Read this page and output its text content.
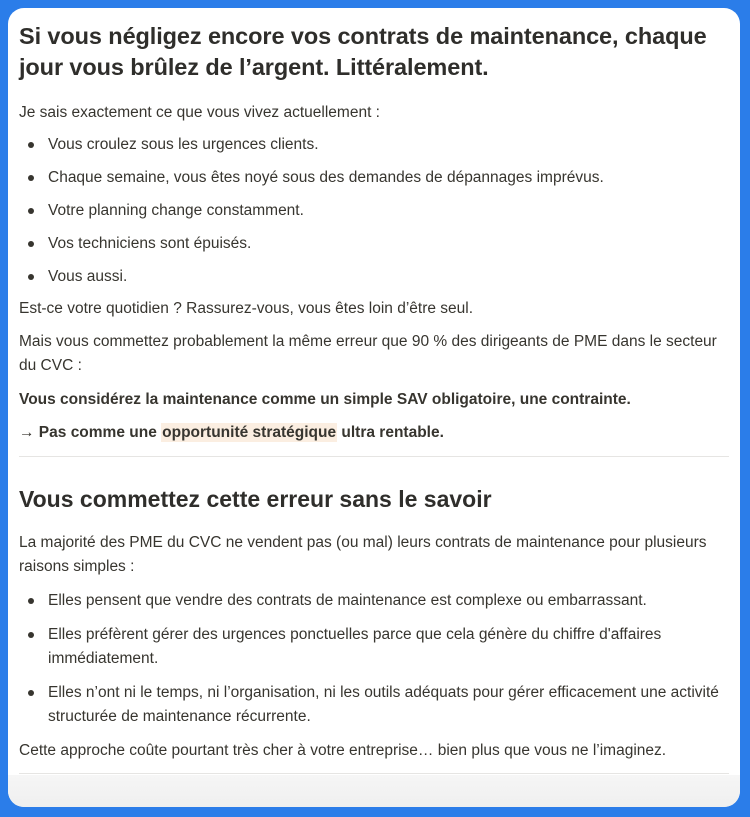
Si vous négligez encore vos contrats de maintenance, chaque jour vous brûlez de l’argent. Littéralement.

Je sais exactement ce que vous vivez actuellement :

Vous croulez sous les urgences clients.
Chaque semaine, vous êtes noyé sous des demandes de dépannages imprévus.
Votre planning change constamment.
Vos techniciens sont épuisés.
Vous aussi.

Est-ce votre quotidien ? Rassurez-vous, vous êtes loin d’être seul.

Mais vous commettez probablement la même erreur que 90 % des dirigeants de PME dans le secteur du CVC :

Vous considérez la maintenance comme un simple SAV obligatoire, une contrainte.

→ Pas comme une opportunité stratégique ultra rentable.

Vous commettez cette erreur sans le savoir

La majorité des PME du CVC ne vendent pas (ou mal) leurs contrats de maintenance pour plusieurs raisons simples :

Elles pensent que vendre des contrats de maintenance est complexe ou embarrassant.
Elles préfèrent gérer des urgences ponctuelles parce que cela génère du chiffre d'affaires immédiatement.
Elles n’ont ni le temps, ni l’organisation, ni les outils adéquats pour gérer efficacement une activité structurée de maintenance récurrente.

Cette approche coûte pourtant très cher à votre entreprise… bien plus que vous ne l’imaginez.
